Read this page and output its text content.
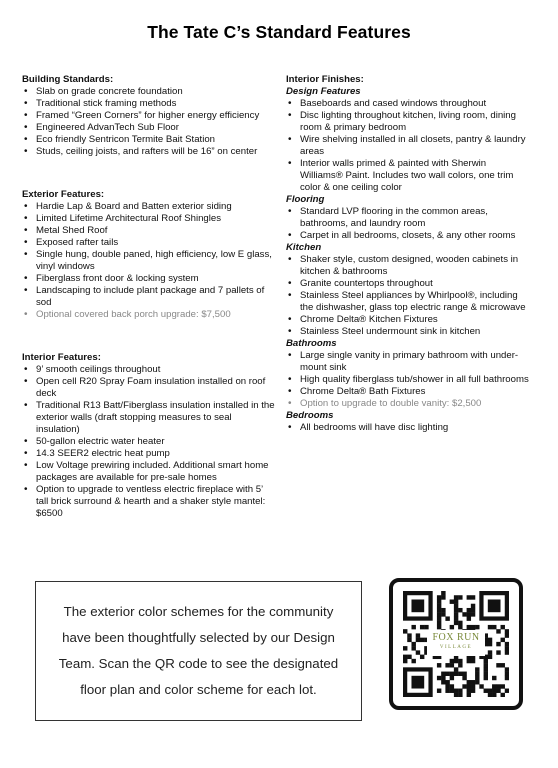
The Tate C’s Standard Features
Building Standards:
• Slab on grade concrete foundation
• Traditional stick framing methods
• Framed “Green Corners” for higher energy efficiency
• Engineered AdvanTech Sub Floor
• Eco friendly Sentricon Termite Bait Station
• Studs, ceiling joists, and rafters will be 16” on center
Exterior Features:
• Hardie Lap & Board and Batten exterior siding
• Limited Lifetime Architectural Roof Shingles
• Metal Shed Roof
• Exposed rafter tails
• Single hung, double paned, high efficiency, low E glass, vinyl windows
• Fiberglass front door & locking system
• Landscaping to include plant package and 7 pallets of sod
• Optional covered back porch upgrade: $7,500
Interior Features:
• 9’ smooth ceilings throughout
• Open cell R20 Spray Foam insulation installed on roof deck
• Traditional R13 Batt/Fiberglass insulation installed in the exterior walls (draft stopping measures to seal insulation)
• 50-gallon electric water heater
• 14.3 SEER2 electric heat pump
• Low Voltage prewiring included. Additional smart home packages are available for pre-sale homes
• Option to upgrade to ventless electric fireplace with 5’ tall brick surround & hearth and a shaker style mantel: $6500
Interior Finishes:
Design Features
• Baseboards and cased windows throughout
• Disc lighting throughout kitchen, living room, dining room & primary bedroom
• Wire shelving installed in all closets, pantry & laundry areas
• Interior walls primed & painted with Sherwin Williams® Paint. Includes two wall colors, one trim color & one ceiling color
Flooring
• Standard LVP flooring in the common areas, bathrooms, and laundry room
• Carpet in all bedrooms, closets, & any other rooms
Kitchen
• Shaker style, custom designed, wooden cabinets in kitchen & bathrooms
• Granite countertops throughout
• Stainless Steel appliances by Whirlpool®, including the dishwasher, glass top electric range & microwave
• Chrome Delta® Kitchen Fixtures
• Stainless Steel undermount sink in kitchen
Bathrooms
• Large single vanity in primary bathroom with under-mount sink
• High quality fiberglass tub/shower in all full bathrooms
• Chrome Delta® Bath Fixtures
• Option to upgrade to double vanity: $2,500
Bedrooms
• All bedrooms will have disc lighting
The exterior color schemes for the community have been thoughtfully selected by our Design Team. Scan the QR code to see the designated floor plan and color scheme for each lot.
FOX RUN
VILLAGE
